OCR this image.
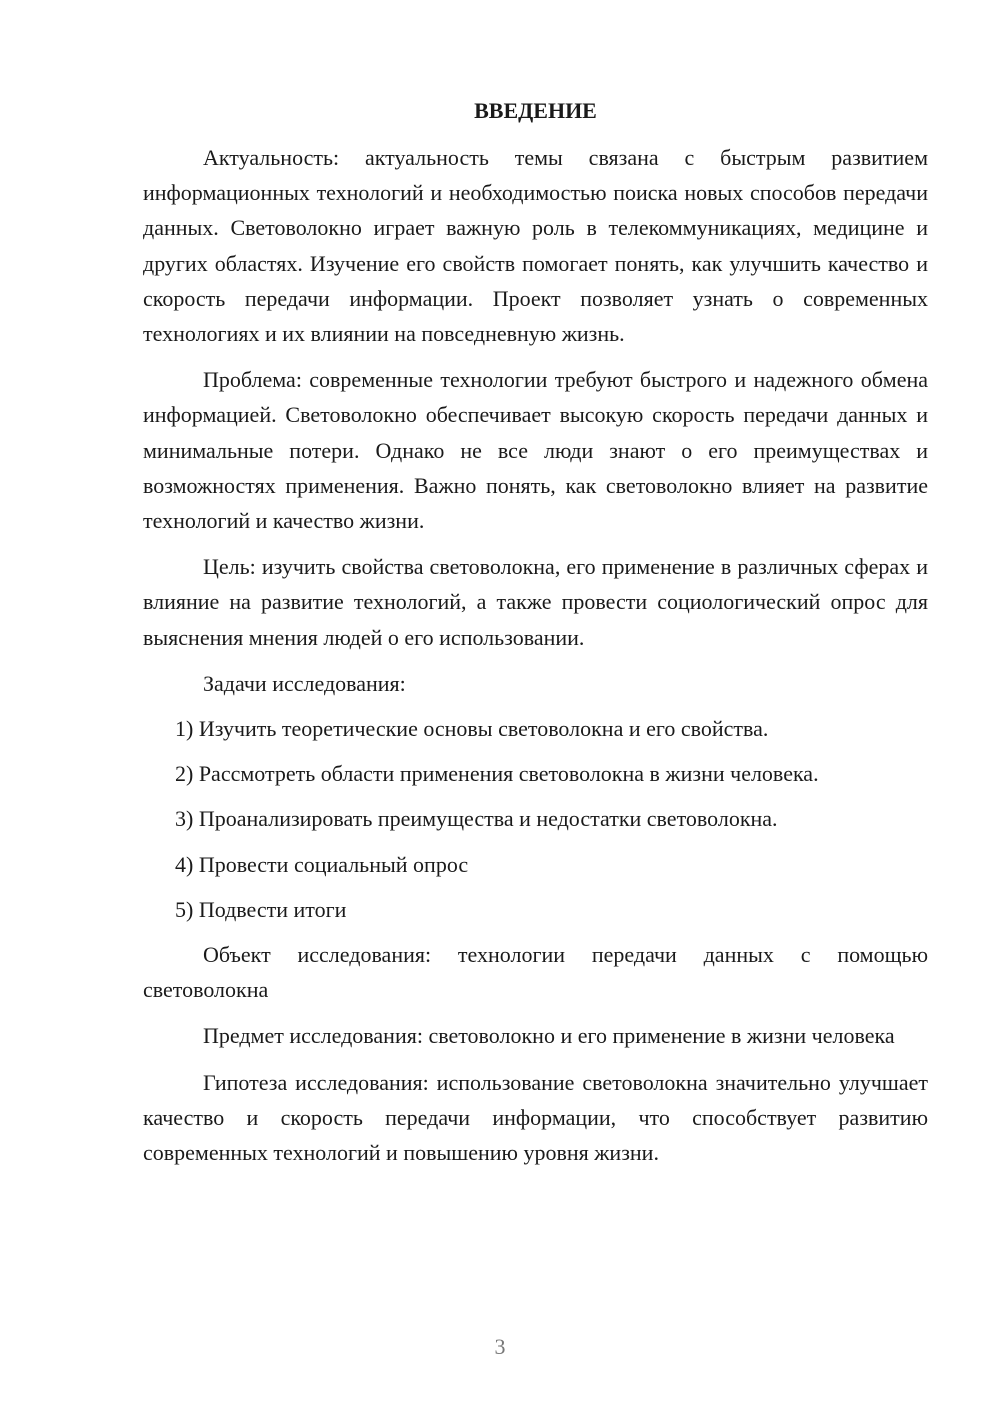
ВВЕДЕНИЕ

Актуальность: актуальность темы связана с быстрым развитием информационных технологий и необходимостью поиска новых способов передачи данных. Световолокно играет важную роль в телекоммуникациях, медицине и других областях. Изучение его свойств помогает понять, как улучшить качество и скорость передачи информации. Проект позволяет узнать о современных технологиях и их влиянии на повседневную жизнь.

Проблема: современные технологии требуют быстрого и надежного обмена информацией. Световолокно обеспечивает высокую скорость передачи данных и минимальные потери. Однако не все люди знают о его преимуществах и возможностях применения. Важно понять, как световолокно влияет на развитие технологий и качество жизни.

Цель: изучить свойства световолокна, его применение в различных сферах и влияние на развитие технологий, а также провести социологический опрос для выяснения мнения людей о его использовании.

Задачи исследования:

1) Изучить теоретические основы световолокна и его свойства.
2) Рассмотреть области применения световолокна в жизни человека.
3) Проанализировать преимущества и недостатки световолокна.
4) Провести социальный опрос
5) Подвести итоги

Объект исследования: технологии передачи данных с помощью световолокна

Предмет исследования: световолокно и его применение в жизни человека

Гипотеза исследования: использование световолокна значительно улучшает качество и скорость передачи информации, что способствует развитию современных технологий и повышению уровня жизни.

3
